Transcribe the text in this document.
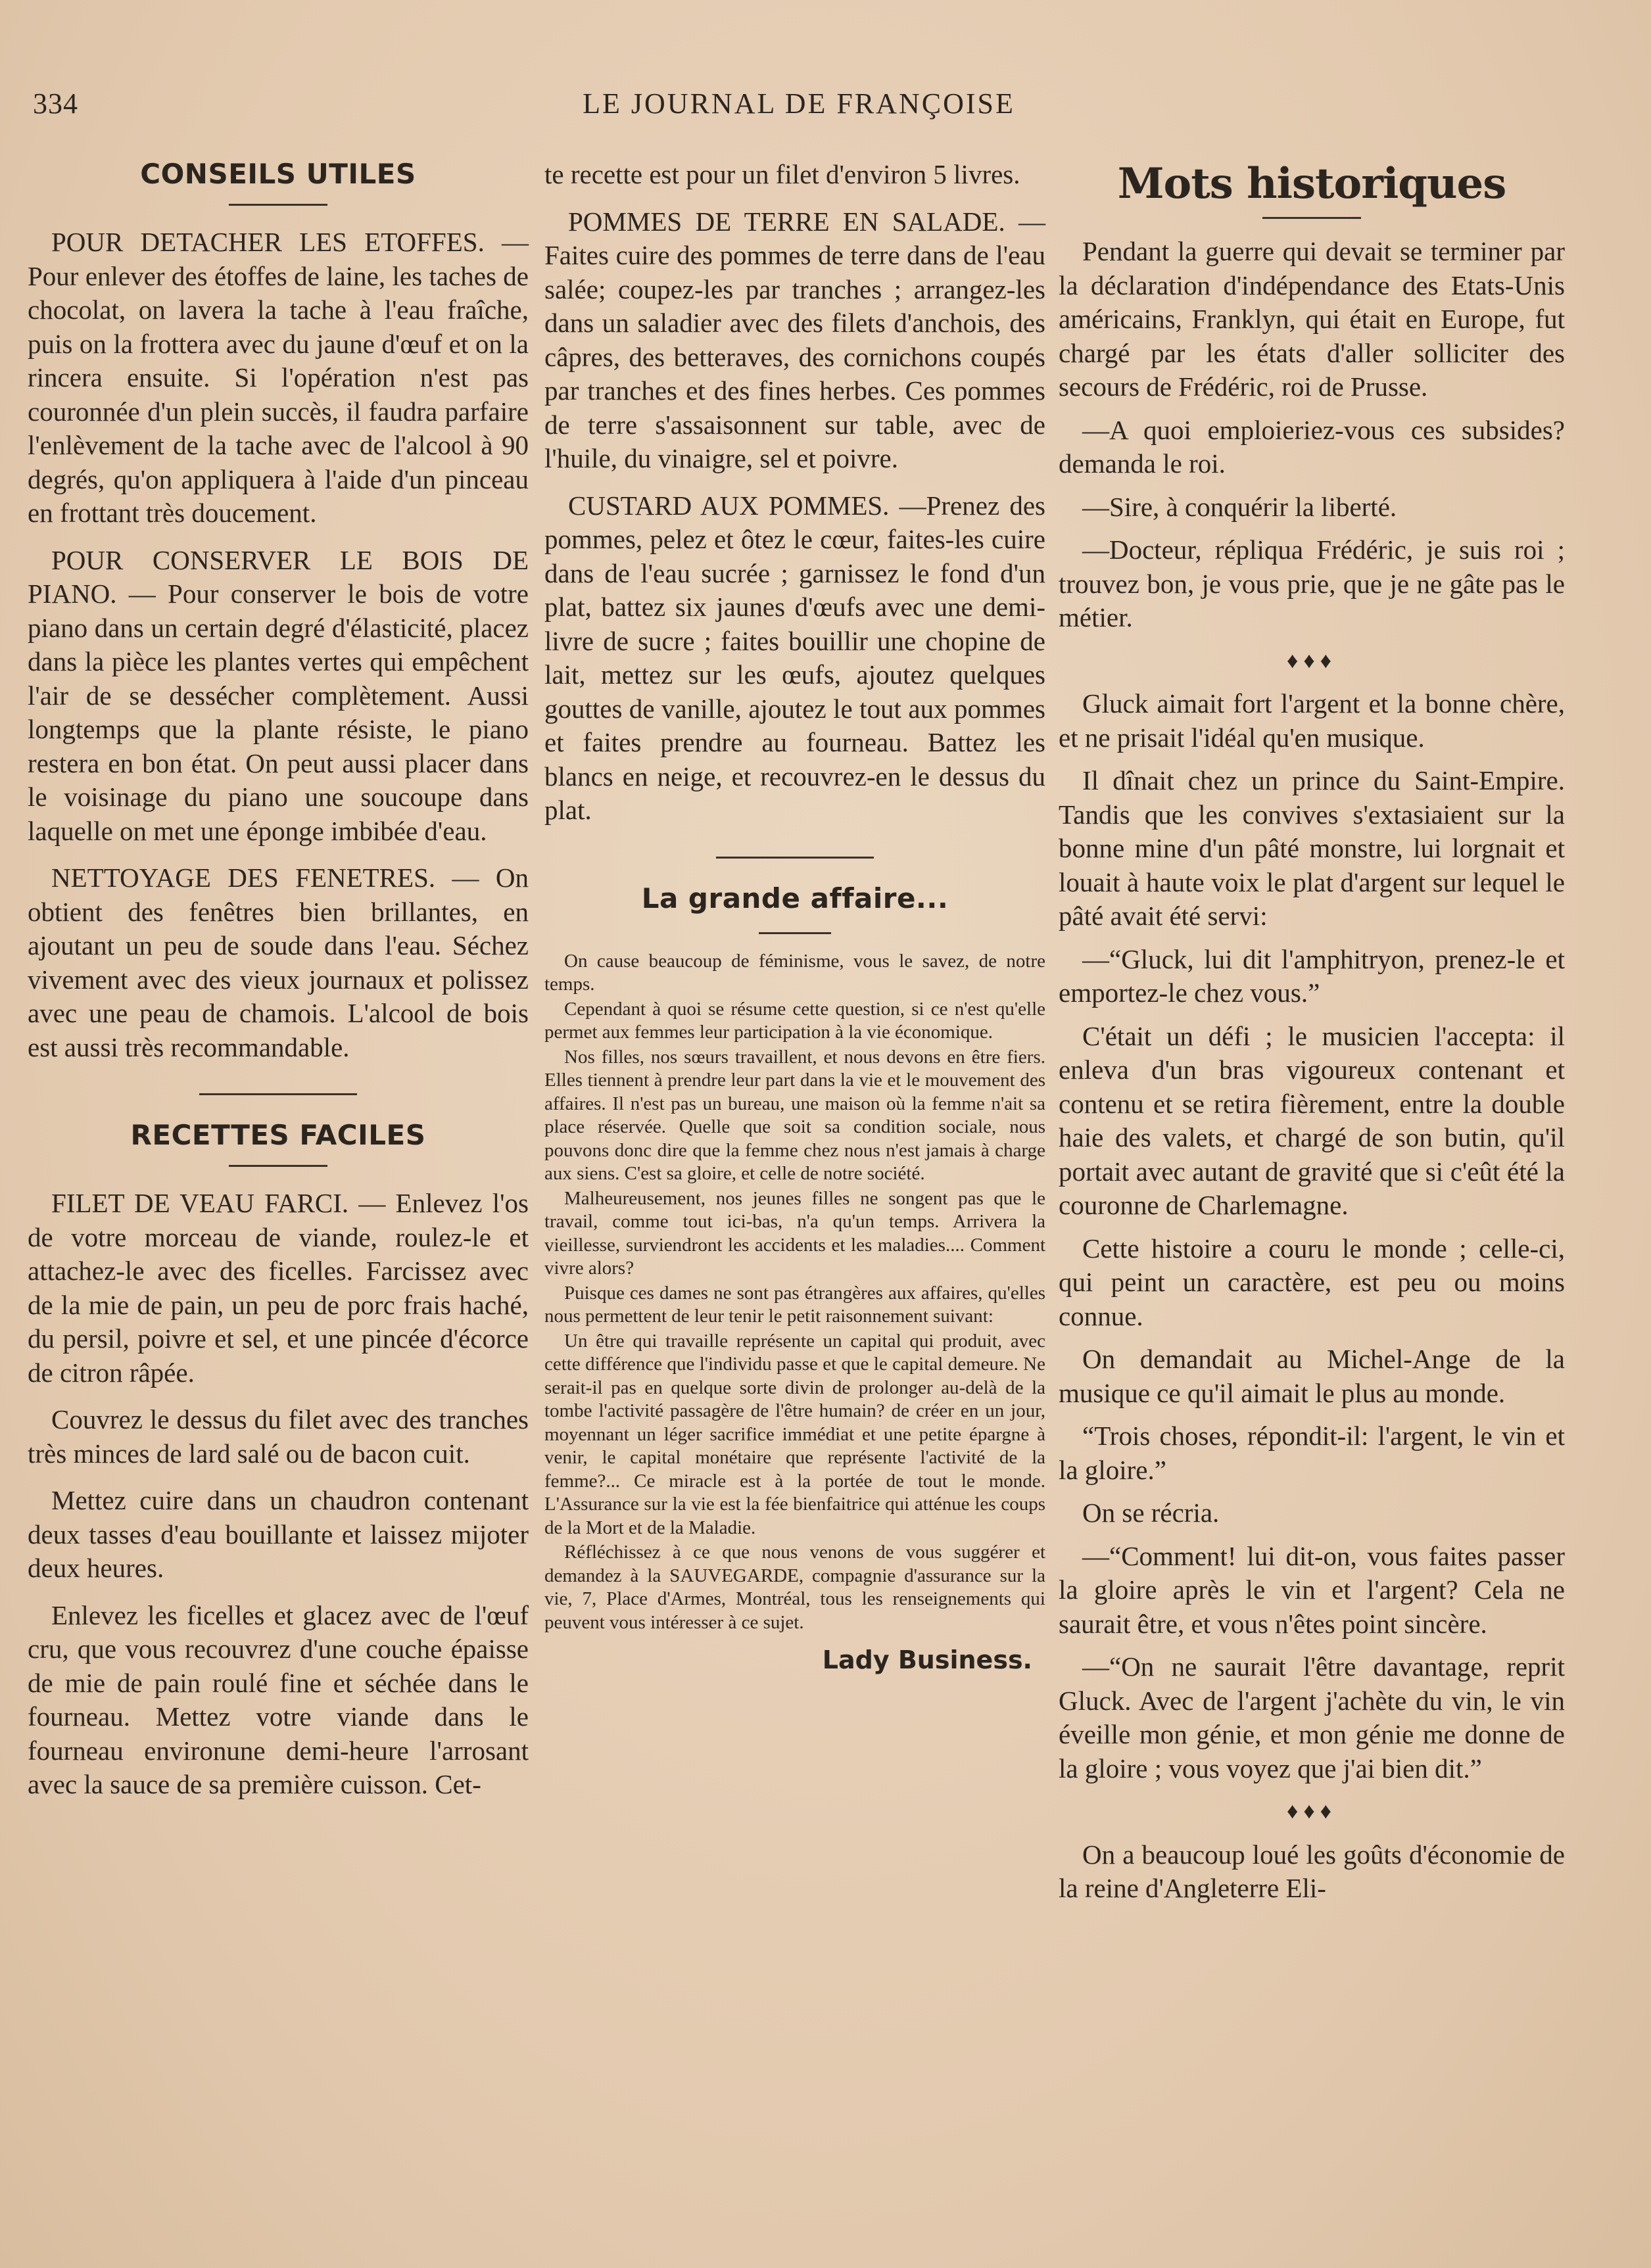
334	LE JOURNAL DE FRANÇOISE
CONSEILS UTILES

POUR DETACHER LES ETOFFES. — Pour enlever des étoffes de laine, les taches de chocolat, on lavera la tache à l'eau fraîche, puis on la frottera avec du jaune d'œuf et on la rincera ensuite. Si l'opération n'est pas couronnée d'un plein succès, il faudra parfaire l'enlèvement de la tache avec de l'alcool à 90 degrés, qu'on appliquera à l'aide d'un pinceau en frottant très doucement.

POUR CONSERVER LE BOIS DE PIANO. — Pour conserver le bois de votre piano dans un certain degré d'élasticité, placez dans la pièce les plantes vertes qui empêchent l'air de se dessécher complètement. Aussi longtemps que la plante résiste, le piano restera en bon état. On peut aussi placer dans le voisinage du piano une soucoupe dans laquelle on met une éponge imbibée d'eau.

NETTOYAGE DES FENETRES. — On obtient des fenêtres bien brillantes, en ajoutant un peu de soude dans l'eau. Séchez vivement avec des vieux journaux et polissez avec une peau de chamois. L'alcool de bois est aussi très recommandable.

RECETTES FACILES

FILET DE VEAU FARCI. — Enlevez l'os de votre morceau de viande, roulez-le et attachez-le avec des ficelles. Farcissez avec de la mie de pain, un peu de porc frais haché, du persil, poivre et sel, et une pincée d'écorce de citron râpée.

Couvrez le dessus du filet avec des tranches très minces de lard salé ou de bacon cuit.

Mettez cuire dans un chaudron contenant deux tasses d'eau bouillante et laissez mijoter deux heures.

Enlevez les ficelles et glacez avec de l'œuf cru, que vous recouvrez d'une couche épaisse de mie de pain roulé fine et séchée dans le fourneau. Mettez votre viande dans le fourneau environune demi-heure l'arrosant avec la sauce de sa première cuisson. Cet-

te recette est pour un filet d'environ 5 livres.

POMMES DE TERRE EN SALADE. — Faites cuire des pommes de terre dans de l'eau salée; coupez-les par tranches ; arrangez-les dans un saladier avec des filets d'anchois, des câpres, des betteraves, des cornichons coupés par tranches et des fines herbes. Ces pommes de terre s'assaisonnent sur table, avec de l'huile, du vinaigre, sel et poivre.

CUSTARD AUX POMMES. —Prenez des pommes, pelez et ôtez le cœur, faites-les cuire dans de l'eau sucrée ; garnissez le fond d'un plat, battez six jaunes d'œufs avec une demi-livre de sucre ; faites bouillir une chopine de lait, mettez sur les œufs, ajoutez quelques gouttes de vanille, ajoutez le tout aux pommes et faites prendre au fourneau. Battez les blancs en neige, et recouvrez-en le dessus du plat.

La grande affaire...

On cause beaucoup de féminisme, vous le savez, de notre temps.

Cependant à quoi se résume cette question, si ce n'est qu'elle permet aux femmes leur participation à la vie économique.

Nos filles, nos sœurs travaillent, et nous devons en être fiers. Elles tiennent à prendre leur part dans la vie et le mouvement des affaires. Il n'est pas un bureau, une maison où la femme n'ait sa place réservée. Quelle que soit sa condition sociale, nous pouvons donc dire que la femme chez nous n'est jamais à charge aux siens. C'est sa gloire, et celle de notre société.

Malheureusement, nos jeunes filles ne songent pas que le travail, comme tout ici-bas, n'a qu'un temps. Arrivera la vieillesse, surviendront les accidents et les maladies.... Comment vivre alors?

Puisque ces dames ne sont pas étrangères aux affaires, qu'elles nous permettent de leur tenir le petit raisonnement suivant:

Un être qui travaille représente un capital qui produit, avec cette différence que l'individu passe et que le capital demeure. Ne serait-il pas en quelque sorte divin de prolonger au-delà de la tombe l'activité passagère de l'être humain? de créer en un jour, moyennant un léger sacrifice immédiat et une petite épargne à venir, le capital monétaire que représente l'activité de la femme?... Ce miracle est à la portée de tout le monde. L'Assurance sur la vie est la fée bienfaitrice qui atténue les coups de la Mort et de la Maladie.

Réfléchissez à ce que nous venons de vous suggérer et demandez à la SAUVEGARDE, compagnie d'assurance sur la vie, 7, Place d'Armes, Montréal, tous les renseignements qui peuvent vous intéresser à ce sujet.

Lady Business.
Mots historiques

Pendant la guerre qui devait se terminer par la déclaration d'indépendance des Etats-Unis américains, Franklyn, qui était en Europe, fut chargé par les états d'aller solliciter des secours de Frédéric, roi de Prusse.

—A quoi emploieriez-vous ces subsides? demanda le roi.

—Sire, à conquérir la liberté.

—Docteur, répliqua Frédéric, je suis roi ; trouvez bon, je vous prie, que je ne gâte pas le métier.

♦♦♦

Gluck aimait fort l'argent et la bonne chère, et ne prisait l'idéal qu'en musique.

Il dînait chez un prince du Saint-Empire. Tandis que les convives s'extasiaient sur la bonne mine d'un pâté monstre, lui lorgnait et louait à haute voix le plat d'argent sur lequel le pâté avait été servi:

—“Gluck, lui dit l'amphitryon, prenez-le et emportez-le chez vous.”

C'était un défi ; le musicien l'accepta: il enleva d'un bras vigoureux contenant et contenu et se retira fièrement, entre la double haie des valets, et chargé de son butin, qu'il portait avec autant de gravité que si c'eût été la couronne de Charlemagne.

Cette histoire a couru le monde ; celle-ci, qui peint un caractère, est peu ou moins connue.

On demandait au Michel-Ange de la musique ce qu'il aimait le plus au monde.

“Trois choses, répondit-il: l'argent, le vin et la gloire.”

On se récria.

—“Comment! lui dit-on, vous faites passer la gloire après le vin et l'argent? Cela ne saurait être, et vous n'êtes point sincère.

—“On ne saurait l'être davantage, reprit Gluck. Avec de l'argent j'achète du vin, le vin éveille mon génie, et mon génie me donne de la gloire ; vous voyez que j'ai bien dit.”

♦♦♦

On a beaucoup loué les goûts d'économie de la reine d'Angleterre Eli-
